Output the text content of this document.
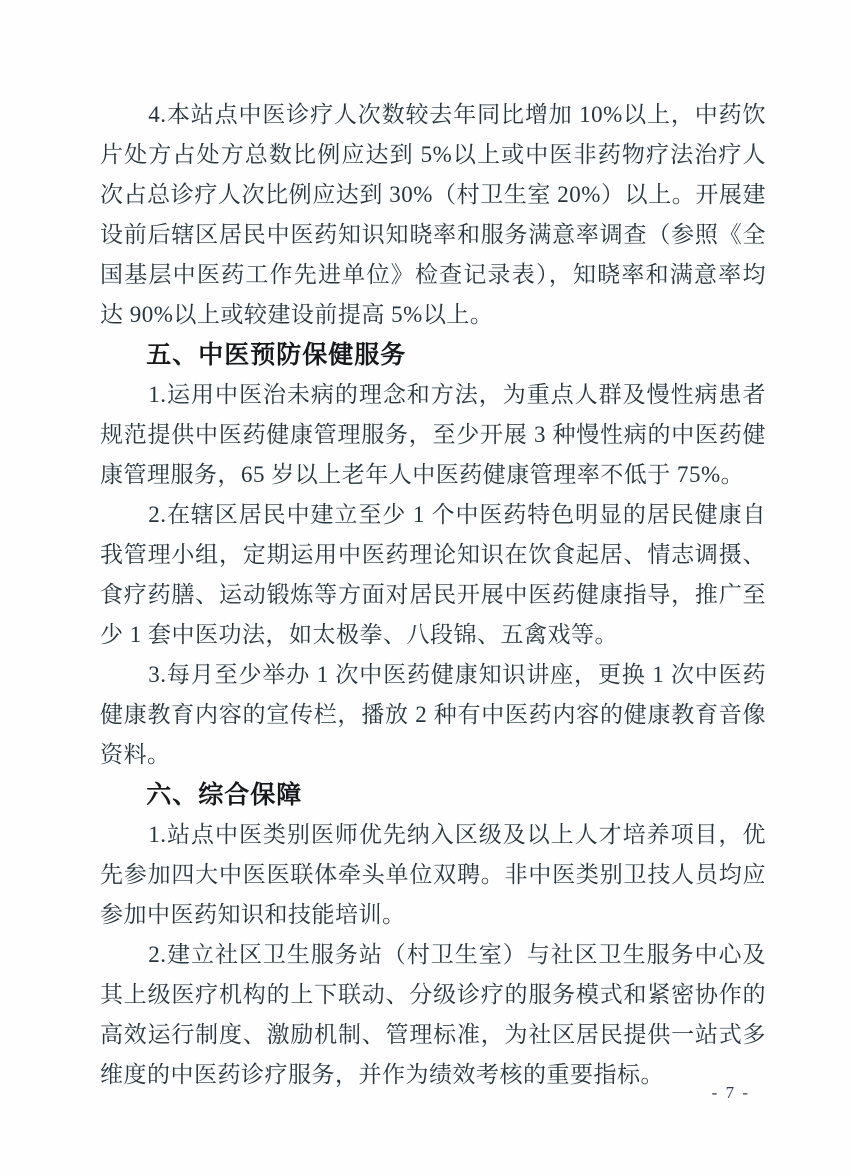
4.本站点中医诊疗人次数较去年同比增加 10%以上，中药饮片处方占处方总数比例应达到 5%以上或中医非药物疗法治疗人次占总诊疗人次比例应达到 30%（村卫生室 20%）以上。开展建设前后辖区居民中医药知识知晓率和服务满意率调查（参照《全国基层中医药工作先进单位》检查记录表），知晓率和满意率均达 90%以上或较建设前提高 5%以上。

五、中医预防保健服务

1.运用中医治未病的理念和方法，为重点人群及慢性病患者规范提供中医药健康管理服务，至少开展 3 种慢性病的中医药健康管理服务，65 岁以上老年人中医药健康管理率不低于 75%。

2.在辖区居民中建立至少 1 个中医药特色明显的居民健康自我管理小组，定期运用中医药理论知识在饮食起居、情志调摄、食疗药膳、运动锻炼等方面对居民开展中医药健康指导，推广至少 1 套中医功法，如太极拳、八段锦、五禽戏等。

3.每月至少举办 1 次中医药健康知识讲座，更换 1 次中医药健康教育内容的宣传栏，播放 2 种有中医药内容的健康教育音像资料。

六、综合保障

1.站点中医类别医师优先纳入区级及以上人才培养项目，优先参加四大中医医联体牵头单位双聘。非中医类别卫技人员均应参加中医药知识和技能培训。

2.建立社区卫生服务站（村卫生室）与社区卫生服务中心及其上级医疗机构的上下联动、分级诊疗的服务模式和紧密协作的高效运行制度、激励机制、管理标准，为社区居民提供一站式多维度的中医药诊疗服务，并作为绩效考核的重要指标。

- 7 -
